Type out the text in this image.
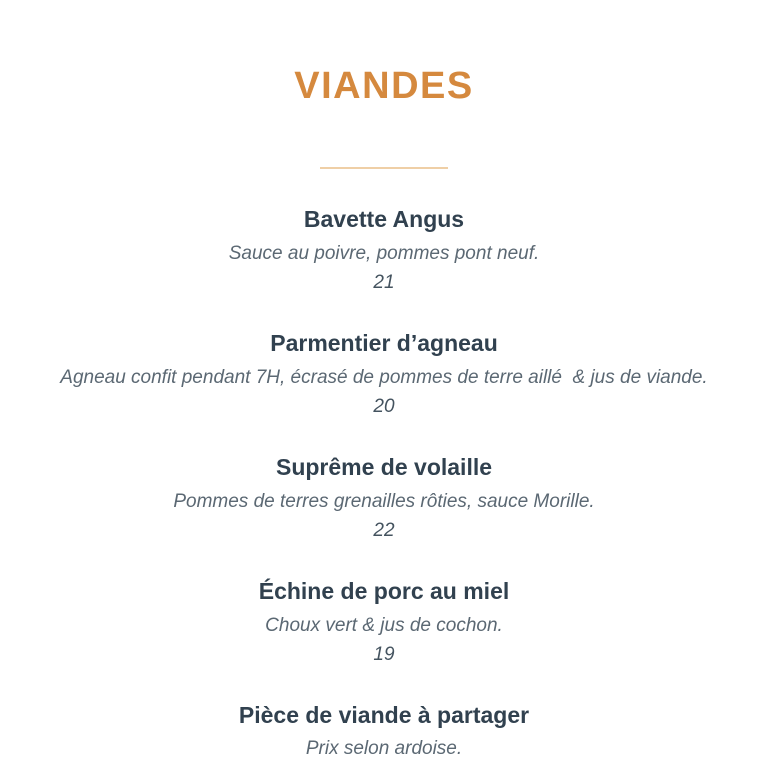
VIANDES
Bavette Angus
Sauce au poivre, pommes pont neuf.
21
Parmentier d’agneau
Agneau confit pendant 7H, écrasé de pommes de terre aillé  & jus de viande.
20
Suprême de volaille
Pommes de terres grenailles rôties, sauce Morille.
22
Échine de porc au miel
Choux vert & jus de cochon.
19
Pièce de viande à partager
Prix selon ardoise.
